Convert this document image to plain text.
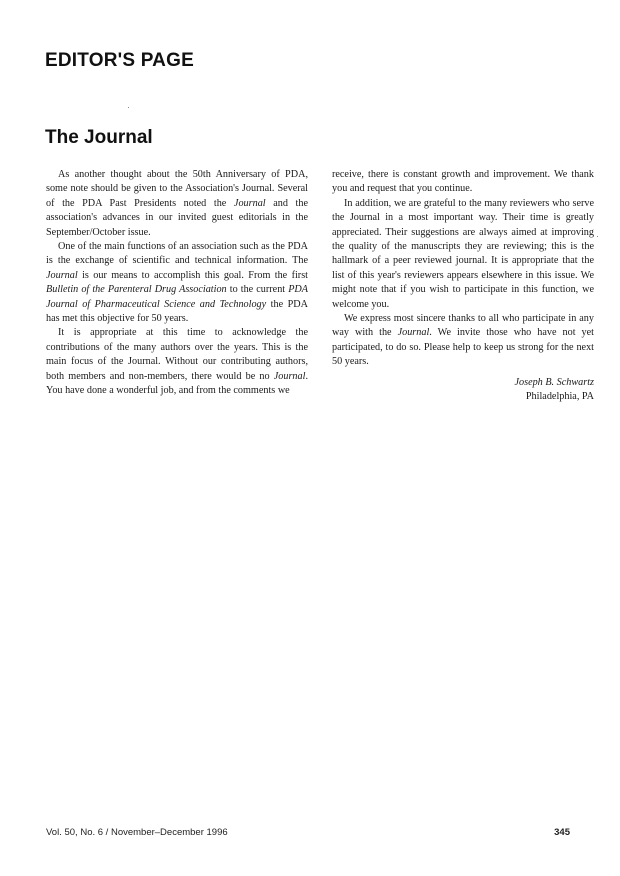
EDITOR'S PAGE
The Journal

As another thought about the 50th Anniversary of PDA, some note should be given to the Association's Journal. Several of the PDA Past Presidents noted the Journal and the association's advances in our invited guest editorials in the September/October issue.

One of the main functions of an association such as the PDA is the exchange of scientific and technical information. The Journal is our means to accomplish this goal. From the first Bulletin of the Parenteral Drug Association to the current PDA Journal of Pharmaceutical Science and Technology the PDA has met this objective for 50 years.

It is appropriate at this time to acknowledge the contributions of the many authors over the years. This is the main focus of the Journal. Without our contributing authors, both members and non-members, there would be no Journal. You have done a wonderful job, and from the comments we

receive, there is constant growth and improvement. We thank you and request that you continue.

In addition, we are grateful to the many reviewers who serve the Journal in a most important way. Their time is greatly appreciated. Their suggestions are always aimed at improving the quality of the manuscripts they are reviewing; this is the hallmark of a peer reviewed journal. It is appropriate that the list of this year's reviewers appears elsewhere in this issue. We might note that if you wish to participate in this function, we welcome you.

We express most sincere thanks to all who participate in any way with the Journal. We invite those who have not yet participated, to do so. Please help to keep us strong for the next 50 years.

Joseph B. Schwartz
Philadelphia, PA
Vol. 50, No. 6 / November–December 1996	345
